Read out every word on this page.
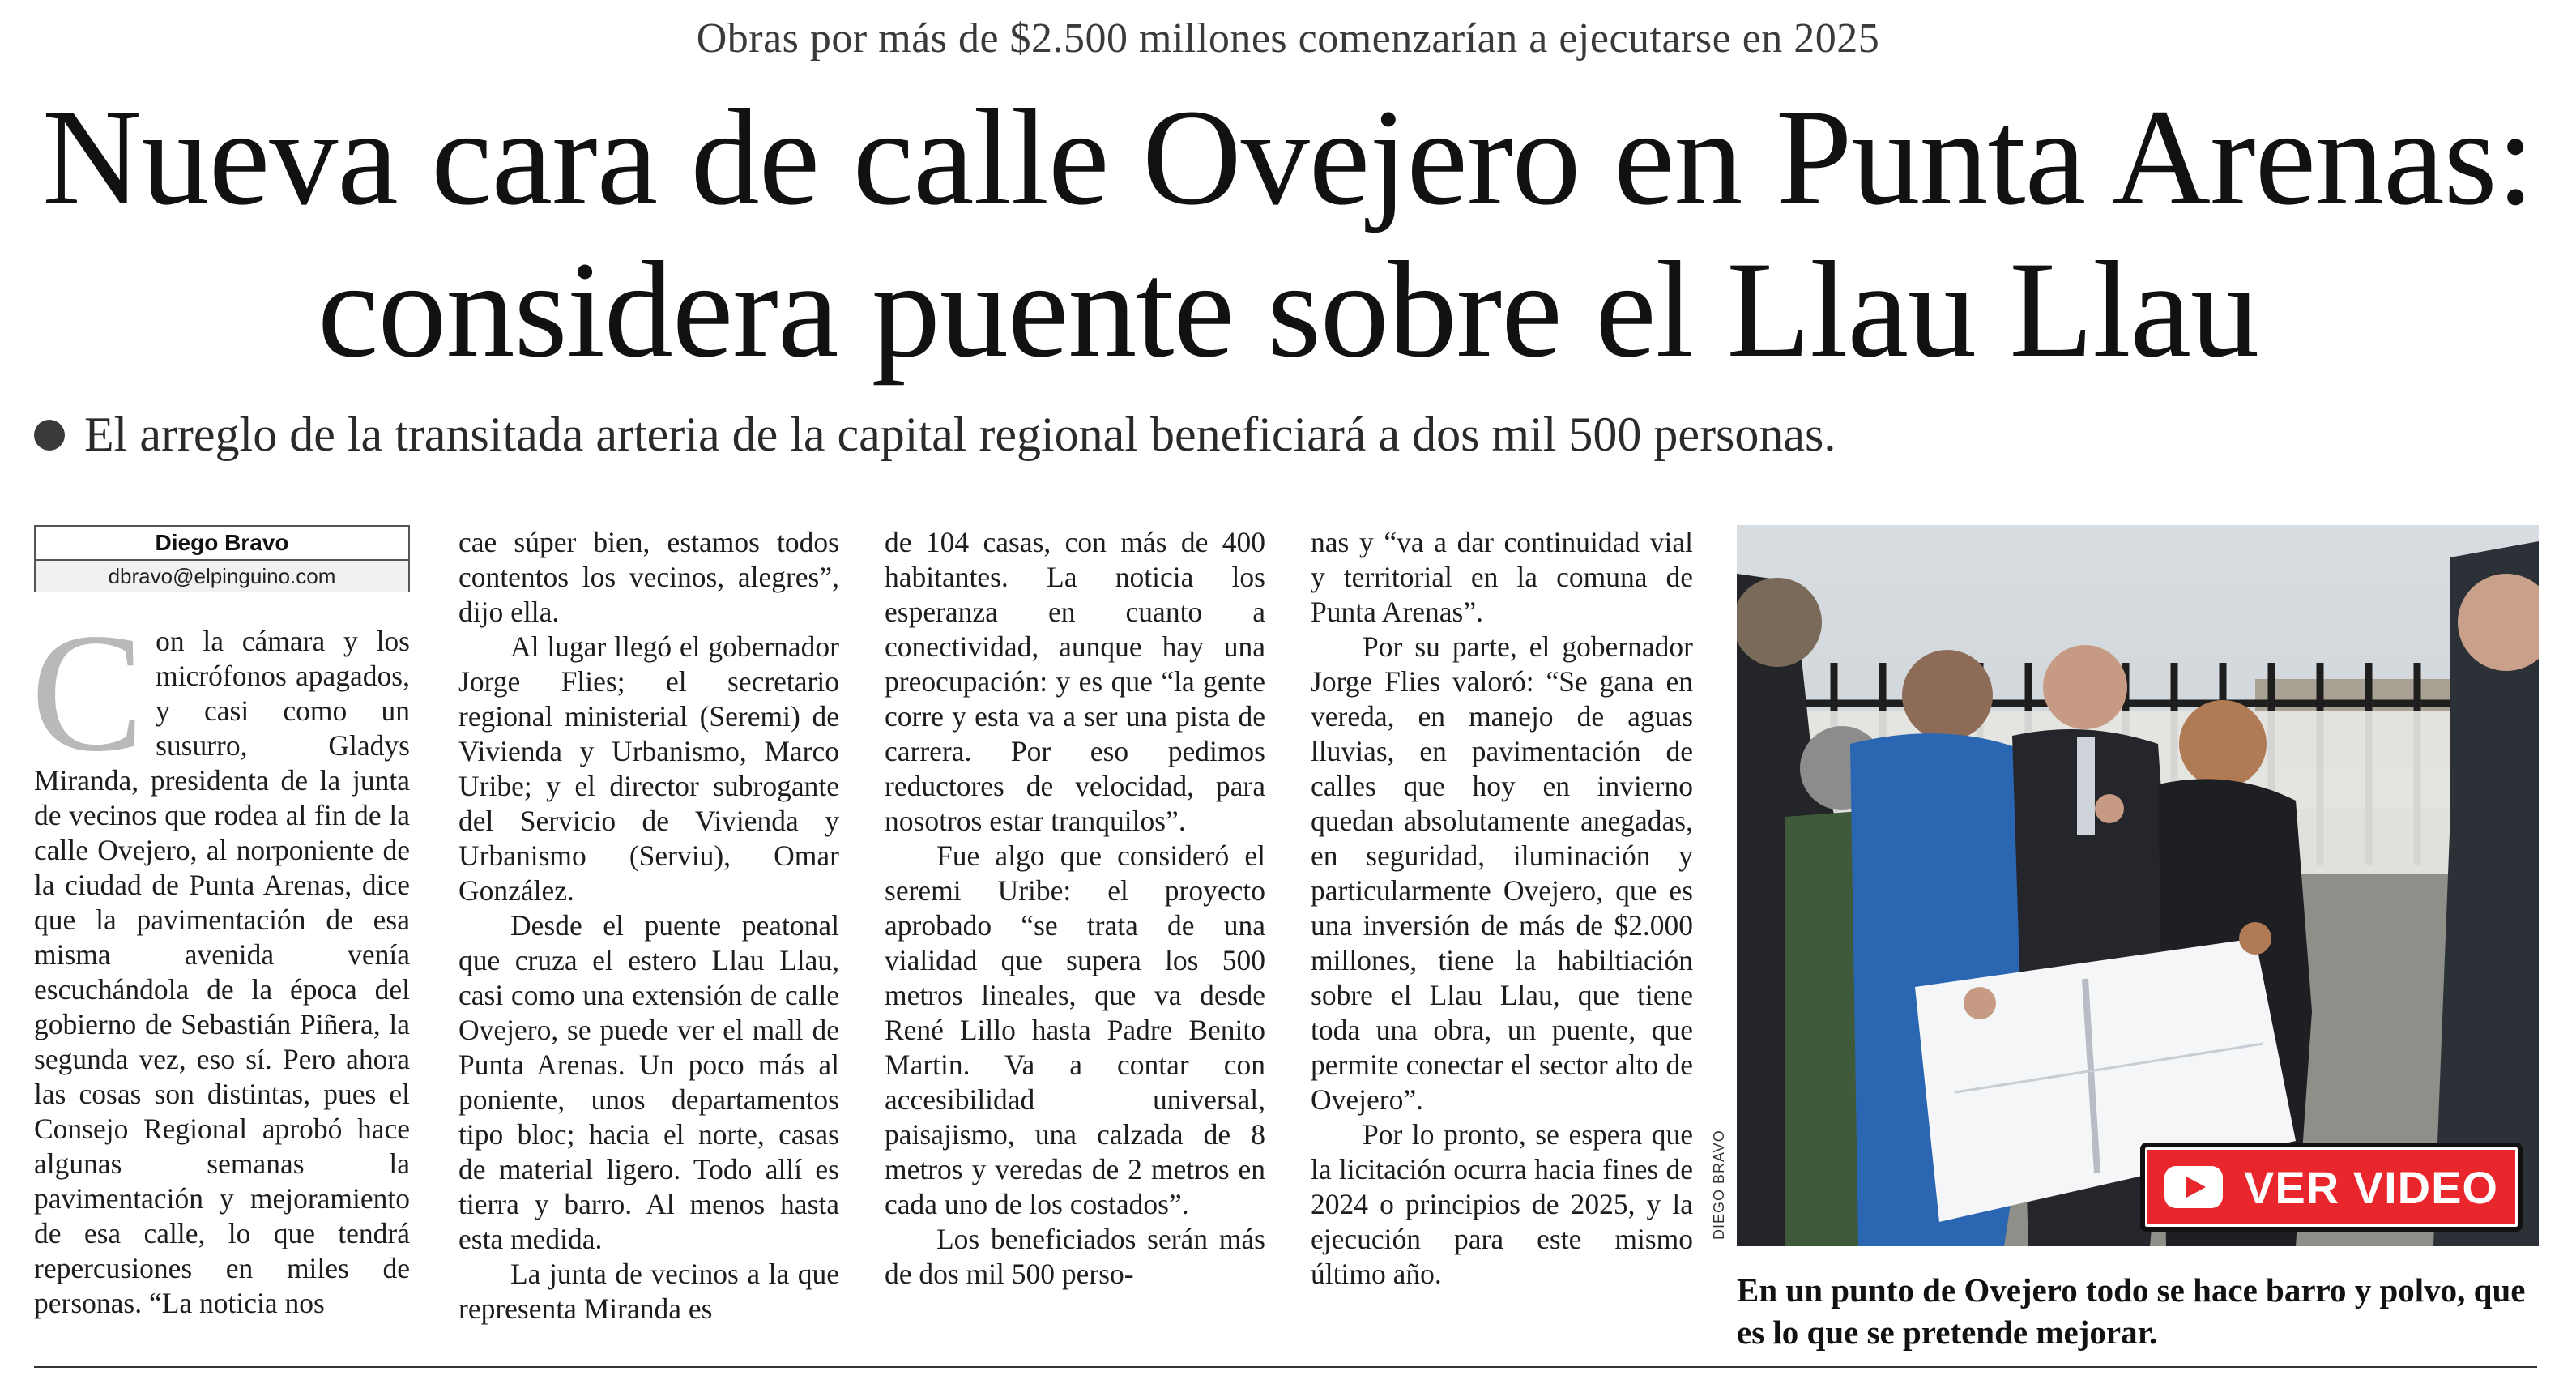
Obras por más de $2.500 millones comenzarían a ejecutarse en 2025
Nueva cara de calle Ovejero en Punta Arenas:
considera puente sobre el Llau Llau
El arreglo de la transitada arteria de la capital regional beneficiará a dos mil 500 personas.
Diego Bravo
dbravo@elpinguino.com

Con la cámara y los micrófonos apagados, y casi como un susurro, Gladys Miranda, presidenta de la junta de vecinos que rodea al fin de la calle Ovejero, al norponiente de la ciudad de Punta Arenas, dice que la pavimentación de esa misma avenida venía escuchándola de la época del gobierno de Sebastián Piñera, la segunda vez, eso sí. Pero ahora las cosas son distintas, pues el Consejo Regional aprobó hace algunas semanas la pavimentación y mejoramiento de esa calle, lo que tendrá repercusiones en miles de personas. “La noticia nos

cae súper bien, estamos todos contentos los vecinos, alegres”, dijo ella.

Al lugar llegó el gobernador Jorge Flies; el secretario regional ministerial (Seremi) de Vivienda y Urbanismo, Marco Uribe; y el director subrogante del Servicio de Vivienda y Urbanismo (Serviu), Omar González.

Desde el puente peatonal que cruza el estero Llau Llau, casi como una extensión de calle Ovejero, se puede ver el mall de Punta Arenas. Un poco más al poniente, unos departamentos tipo bloc; hacia el norte, casas de material ligero. Todo allí es tierra y barro. Al menos hasta esta medida.

La junta de vecinos a la que representa Miranda es

de 104 casas, con más de 400 habitantes. La noticia los esperanza en cuanto a conectividad, aunque hay una preocupación: y es que “la gente corre y esta va a ser una pista de carrera. Por eso pedimos reductores de velocidad, para nosotros estar tranquilos”.

Fue algo que consideró el seremi Uribe: el proyecto aprobado “se trata de una vialidad que supera los 500 metros lineales, que va desde René Lillo hasta Padre Benito Martin. Va a contar con accesibilidad universal, paisajismo, una calzada de 8 metros y veredas de 2 metros en cada uno de los costados”.

Los beneficiados serán más de dos mil 500 perso-

nas y “va a dar continuidad vial y territorial en la comuna de Punta Arenas”.

Por su parte, el gobernador Jorge Flies valoró: “Se gana en vereda, en manejo de aguas lluvias, en pavimentación de calles que hoy en invierno quedan absolutamente anegadas, en seguridad, iluminación y particularmente Ovejero, que es una inversión de más de $2.000 millones, tiene la habiltiación sobre el Llau Llau, que tiene toda una obra, un puente, que permite conectar el sector alto de Ovejero”.

Por lo pronto, se espera que la licitación ocurra hacia fines de 2024 o principios de 2025, y la ejecución para este mismo último año.

DIEGO BRAVO	VER VIDEO
En un punto de Ovejero todo se hace barro y polvo, que es lo que se pretende mejorar.
